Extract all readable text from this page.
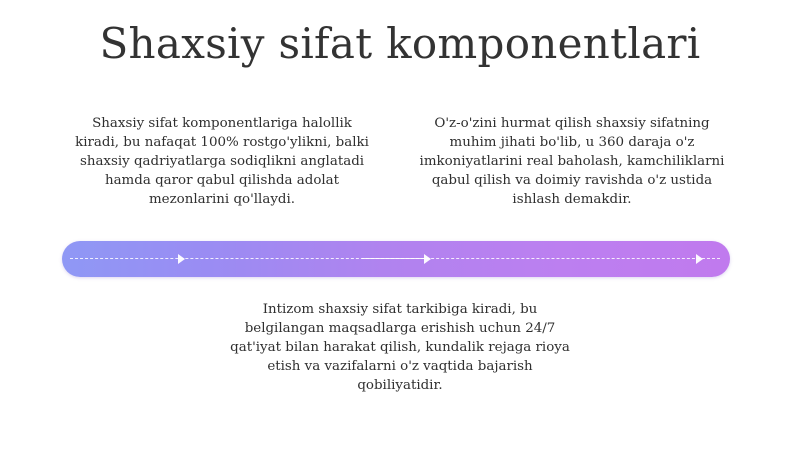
Shaxsiy sifat komponentlari
Shaxsiy sifat komponentlariga halollik kiradi, bu nafaqat 100% rostgo'ylikni, balki shaxsiy qadriyatlarga sodiqlikni anglatadi hamda qaror qabul qilishda adolat mezonlarini qo'llaydi.
O'z-o'zini hurmat qilish shaxsiy sifatning muhim jihati bo'lib, u 360 daraja o'z imkoniyatlarini real baholash, kamchiliklarni qabul qilish va doimiy ravishda o'z ustida ishlash demakdir.
Intizom shaxsiy sifat tarkibiga kiradi, bu belgilangan maqsadlarga erishish uchun 24/7 qat'iyat bilan harakat qilish, kundalik rejaga rioya etish va vazifalarni o'z vaqtida bajarish qobiliyatidir.
